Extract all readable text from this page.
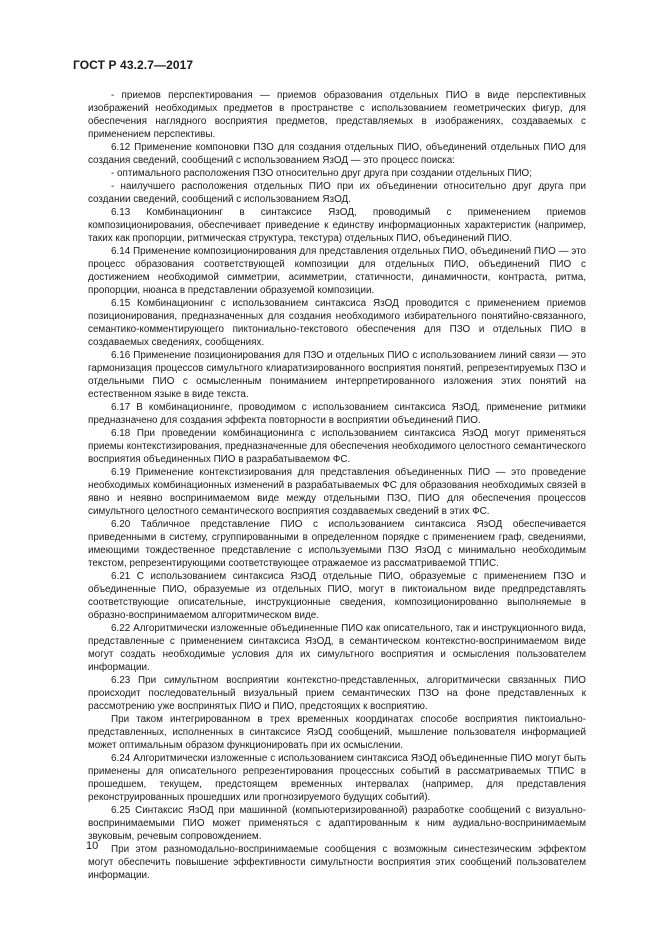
ГОСТ Р 43.2.7—2017

- приемов перспектирования — приемов образования отдельных ПИО в виде перспективных изображений необходимых предметов в пространстве с использованием геометрических фигур, для обеспечения наглядного восприятия предметов, представляемых в изображениях, создаваемых с применением перспективы.

6.12 Применение компоновки ПЗО для создания отдельных ПИО, объединений отдельных ПИО для создания сведений, сообщений с использованием ЯзОД — это процесс поиска:

- оптимального расположения ПЗО относительно друг друга при создании отдельных ПИО;

- наилучшего расположения отдельных ПИО при их объединении относительно друг друга при создании сведений, сообщений с использованием ЯзОД.

6.13 Комбинационинг в синтаксисе ЯзОД, проводимый с применением приемов композиционирования, обеспечивает приведение к единству информационных характеристик (например, таких как пропорции, ритмическая структура, текстура) отдельных ПИО, объединений ПИО.

6.14 Применение композиционирования для представления отдельных ПИО, объединений ПИО — это процесс образования соответствующей композиции для отдельных ПИО, объединений ПИО с достижением необходимой симметрии, асимметрии, статичности, динамичности, контраста, ритма, пропорции, нюанса в представлении образуемой композиции.

6.15 Комбинационинг с использованием синтаксиса ЯзОД проводится с применением приемов позиционирования, предназначенных для создания необходимого избирательного понятийно-связанного, семантико-комментирующего пиктониально-текстового обеспечения для ПЗО и отдельных ПИО в создаваемых сведениях, сообщениях.

6.16 Применение позиционирования для ПЗО и отдельных ПИО с использованием линий связи — это гармонизация процессов симультного клиаратизированного восприятия понятий, репрезентируемых ПЗО и отдельными ПИО с осмысленным пониманием интерпретированного изложения этих понятий на естественном языке в виде текста.

6.17 В комбинационинге, проводимом с использованием синтаксиса ЯзОД, применение ритмики предназначено для создания эффекта повторности в восприятии объединений ПИО.

6.18 При проведении комбинационинга с использованием синтаксиса ЯзОД могут применяться приемы контекстизирования, предназначенные для обеспечения необходимого целостного семантического восприятия объединенных ПИО в разрабатываемом ФС.

6.19 Применение контекстизирования для представления объединенных ПИО — это проведение необходимых комбинационных изменений в разрабатываемых ФС для образования необходимых связей в явно и неявно воспринимаемом виде между отдельными ПЗО, ПИО для обеспечения процессов симультного целостного семантического восприятия создаваемых сведений в этих ФС.

6.20 Табличное представление ПИО с использованием синтаксиса ЯзОД обеспечивается приведенными в систему, сгруппированными в определенном порядке с применением граф, сведениями, имеющими тождественное представление с используемыми ПЗО ЯзОД с минимально необходимым текстом, репрезентирующими соответствующее отражаемое из рассматриваемой ТПИС.

6.21 С использованием синтаксиса ЯзОД отдельные ПИО, образуемые с применением ПЗО и объединенные ПИО, образуемые из отдельных ПИО, могут в пиктоиальном виде предпредставлять соответствующие описательные, инструкционные сведения, композиционированно выполняемые в образно-воспринимаемом алгоритмическом виде.

6.22 Алгоритмически изложенные объединенные ПИО как описательного, так и инструкционного вида, представленные с применением синтаксиса ЯзОД, в семантическом контекстно-воспринимаемом виде могут создать необходимые условия для их симультного восприятия и осмысления пользователем информации.

6.23 При симультном восприятии контекстно-представленных, алгоритмически связанных ПИО происходит последовательный визуальный прием семантических ПЗО на фоне представленных к рассмотрению уже воспринятых ПИО и ПИО, предстоящих к восприятию.

При таком интегрированном в трех временных координатах способе восприятия пиктоиально-представленных, исполненных в синтаксисе ЯзОД сообщений, мышление пользователя информацией может оптимальным образом функционировать при их осмыслении.

6.24 Алгоритмически изложенные с использованием синтаксиса ЯзОД объединенные ПИО могут быть применены для описательного репрезентирования процессных событий в рассматриваемых ТПИС в прошедшем, текущем, предстоящем временных интервалах (например, для представления реконструированных прошедших или прогнозируемого будущих событий).

6.25 Синтаксис ЯзОД при машинной (компьютеризированной) разработке сообщений с визуально-воспринимаемыми ПИО может применяться с адаптированным к ним аудиально-воспринимаемым звуковым, речевым сопровождением.

При этом разномодально-воспринимаемые сообщения с возможным синестезическим эффектом могут обеспечить повышение эффективности симультности восприятия этих сообщений пользователем информации.

10
